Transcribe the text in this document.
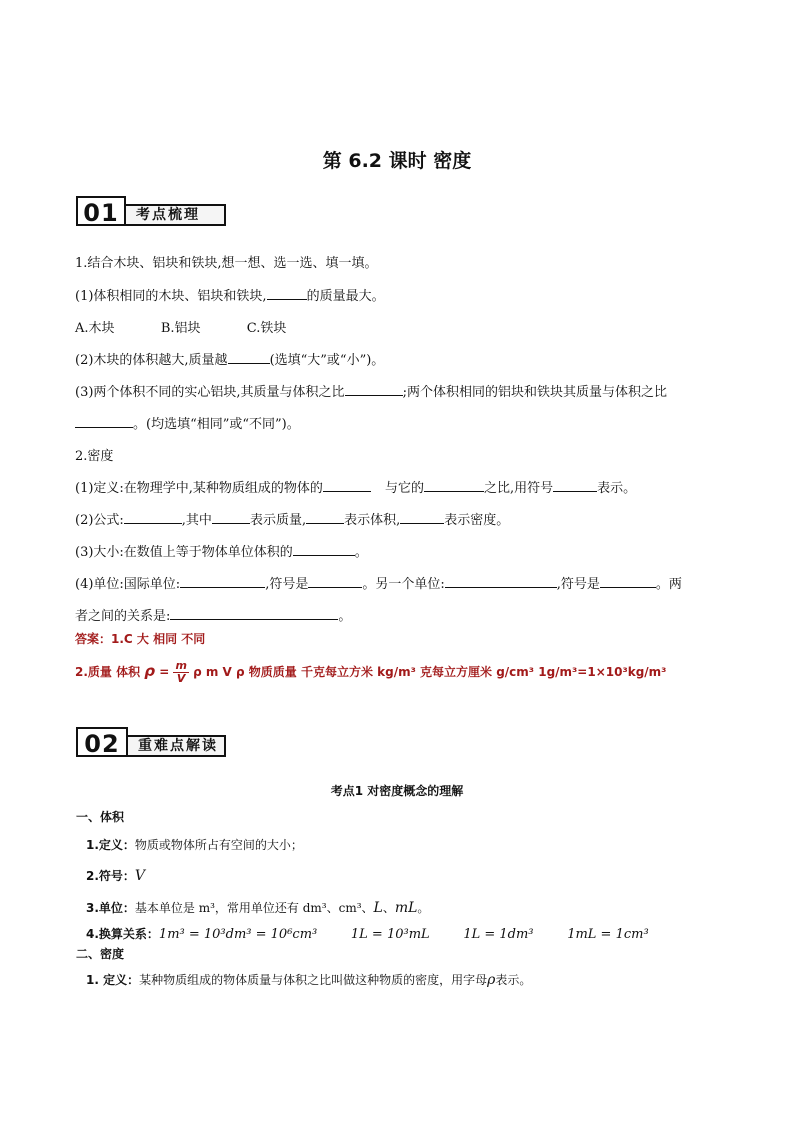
第 6.2 课时 密度
01	考点梳理
1.结合木块、铝块和铁块,想一想、选一选、填一填。
(1)体积相同的木块、铝块和铁块,	的质量最大。
A.木块	B.铝块	C.铁块
(2)木块的体积越大,质量越	(选填“大”或“小”)。
(3)两个体积不同的实心铝块,其质量与体积之比	;两个体积相同的铝块和铁块其质量与体积之比
。(均选填“相同”或“不同”)。
2.密度
(1)定义:在物理学中,某种物质组成的物体的	与它的	之比,用符号	表示。
(2)公式:	,其中	表示质量,	表示体积,	表示密度。
(3)大小:在数值上等于物体单位体积的	。
(4)单位:国际单位:	,符号是	。另一个单位:	,符号是	。两
者之间的关系是:	。
答案：1.C 大 相同 不同
2.质量 体积 $\rho = \frac{m}{V}$ ρ m V ρ 物质质量 千克每立方米 kg/m³ 克每立方厘米 g/cm³ 1g/m³=1×10³kg/m³
02	重难点解读
考点1 对密度概念的理解
一、体积
1.定义：物质或物体所占有空间的大小；
2.符号：V
3.单位：基本单位是 m³，常用单位还有 dm³、cm³、L、mL。
4.换算关系：1m³ = 10³dm³ = 10⁶cm³	1L = 10³mL	1L = 1dm³	1mL = 1cm³
二、密度
1. 定义：某种物质组成的物体质量与体积之比叫做这种物质的密度，用字母ρ表示。
